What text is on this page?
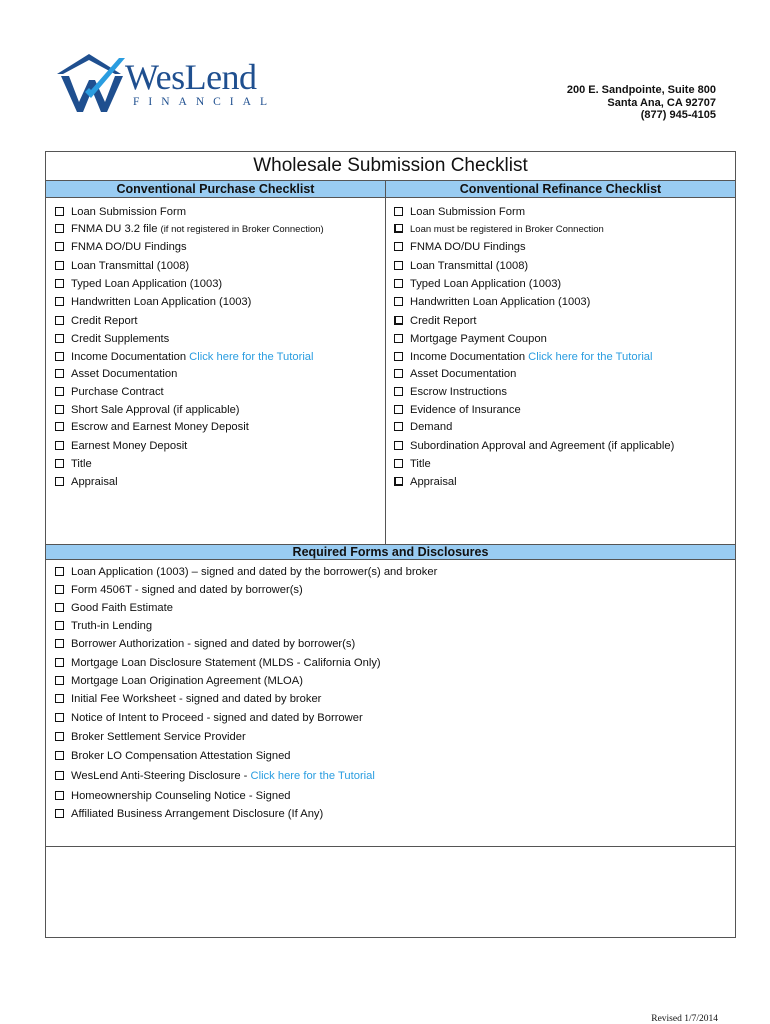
WesLend
FINANCIAL
200 E. Sandpointe, Suite 800
Santa Ana, CA 92707
(877) 945-4105
Wholesale Submission Checklist
Conventional Purchase Checklist	Conventional Refinance Checklist
Loan Submission Form
FNMA DU 3.2 file (if not registered in Broker Connection)
FNMA DO/DU Findings
Loan Transmittal (1008)
Typed Loan Application (1003)
Handwritten Loan Application (1003)
Credit Report
Credit Supplements
Income Documentation Click here for the Tutorial
Asset Documentation
Purchase Contract
Short Sale Approval (if applicable)
Escrow and Earnest Money Deposit
Earnest Money Deposit
Title
Appraisal
Loan Submission Form
Loan must be registered in Broker Connection
FNMA DO/DU Findings
Loan Transmittal (1008)
Typed Loan Application (1003)
Handwritten Loan Application (1003)
Credit Report
Mortgage Payment Coupon
Income Documentation Click here for the Tutorial
Asset Documentation
Escrow Instructions
Evidence of Insurance
Demand
Subordination Approval and Agreement (if applicable)
Title
Appraisal
Required Forms and Disclosures
Loan Application (1003) – signed and dated by the borrower(s) and broker
Form 4506T - signed and dated by borrower(s)
Good Faith Estimate
Truth-in Lending
Borrower Authorization - signed and dated by borrower(s)
Mortgage Loan Disclosure Statement (MLDS - California Only)
Mortgage Loan Origination Agreement (MLOA)
Initial Fee Worksheet - signed and dated by broker
Notice of Intent to Proceed - signed and dated by Borrower
Broker Settlement Service Provider
Broker LO Compensation Attestation Signed
WesLend Anti-Steering Disclosure - Click here for the Tutorial
Homeownership Counseling Notice - Signed
Affiliated Business Arrangement Disclosure (If Any)
Revised 1/7/2014
